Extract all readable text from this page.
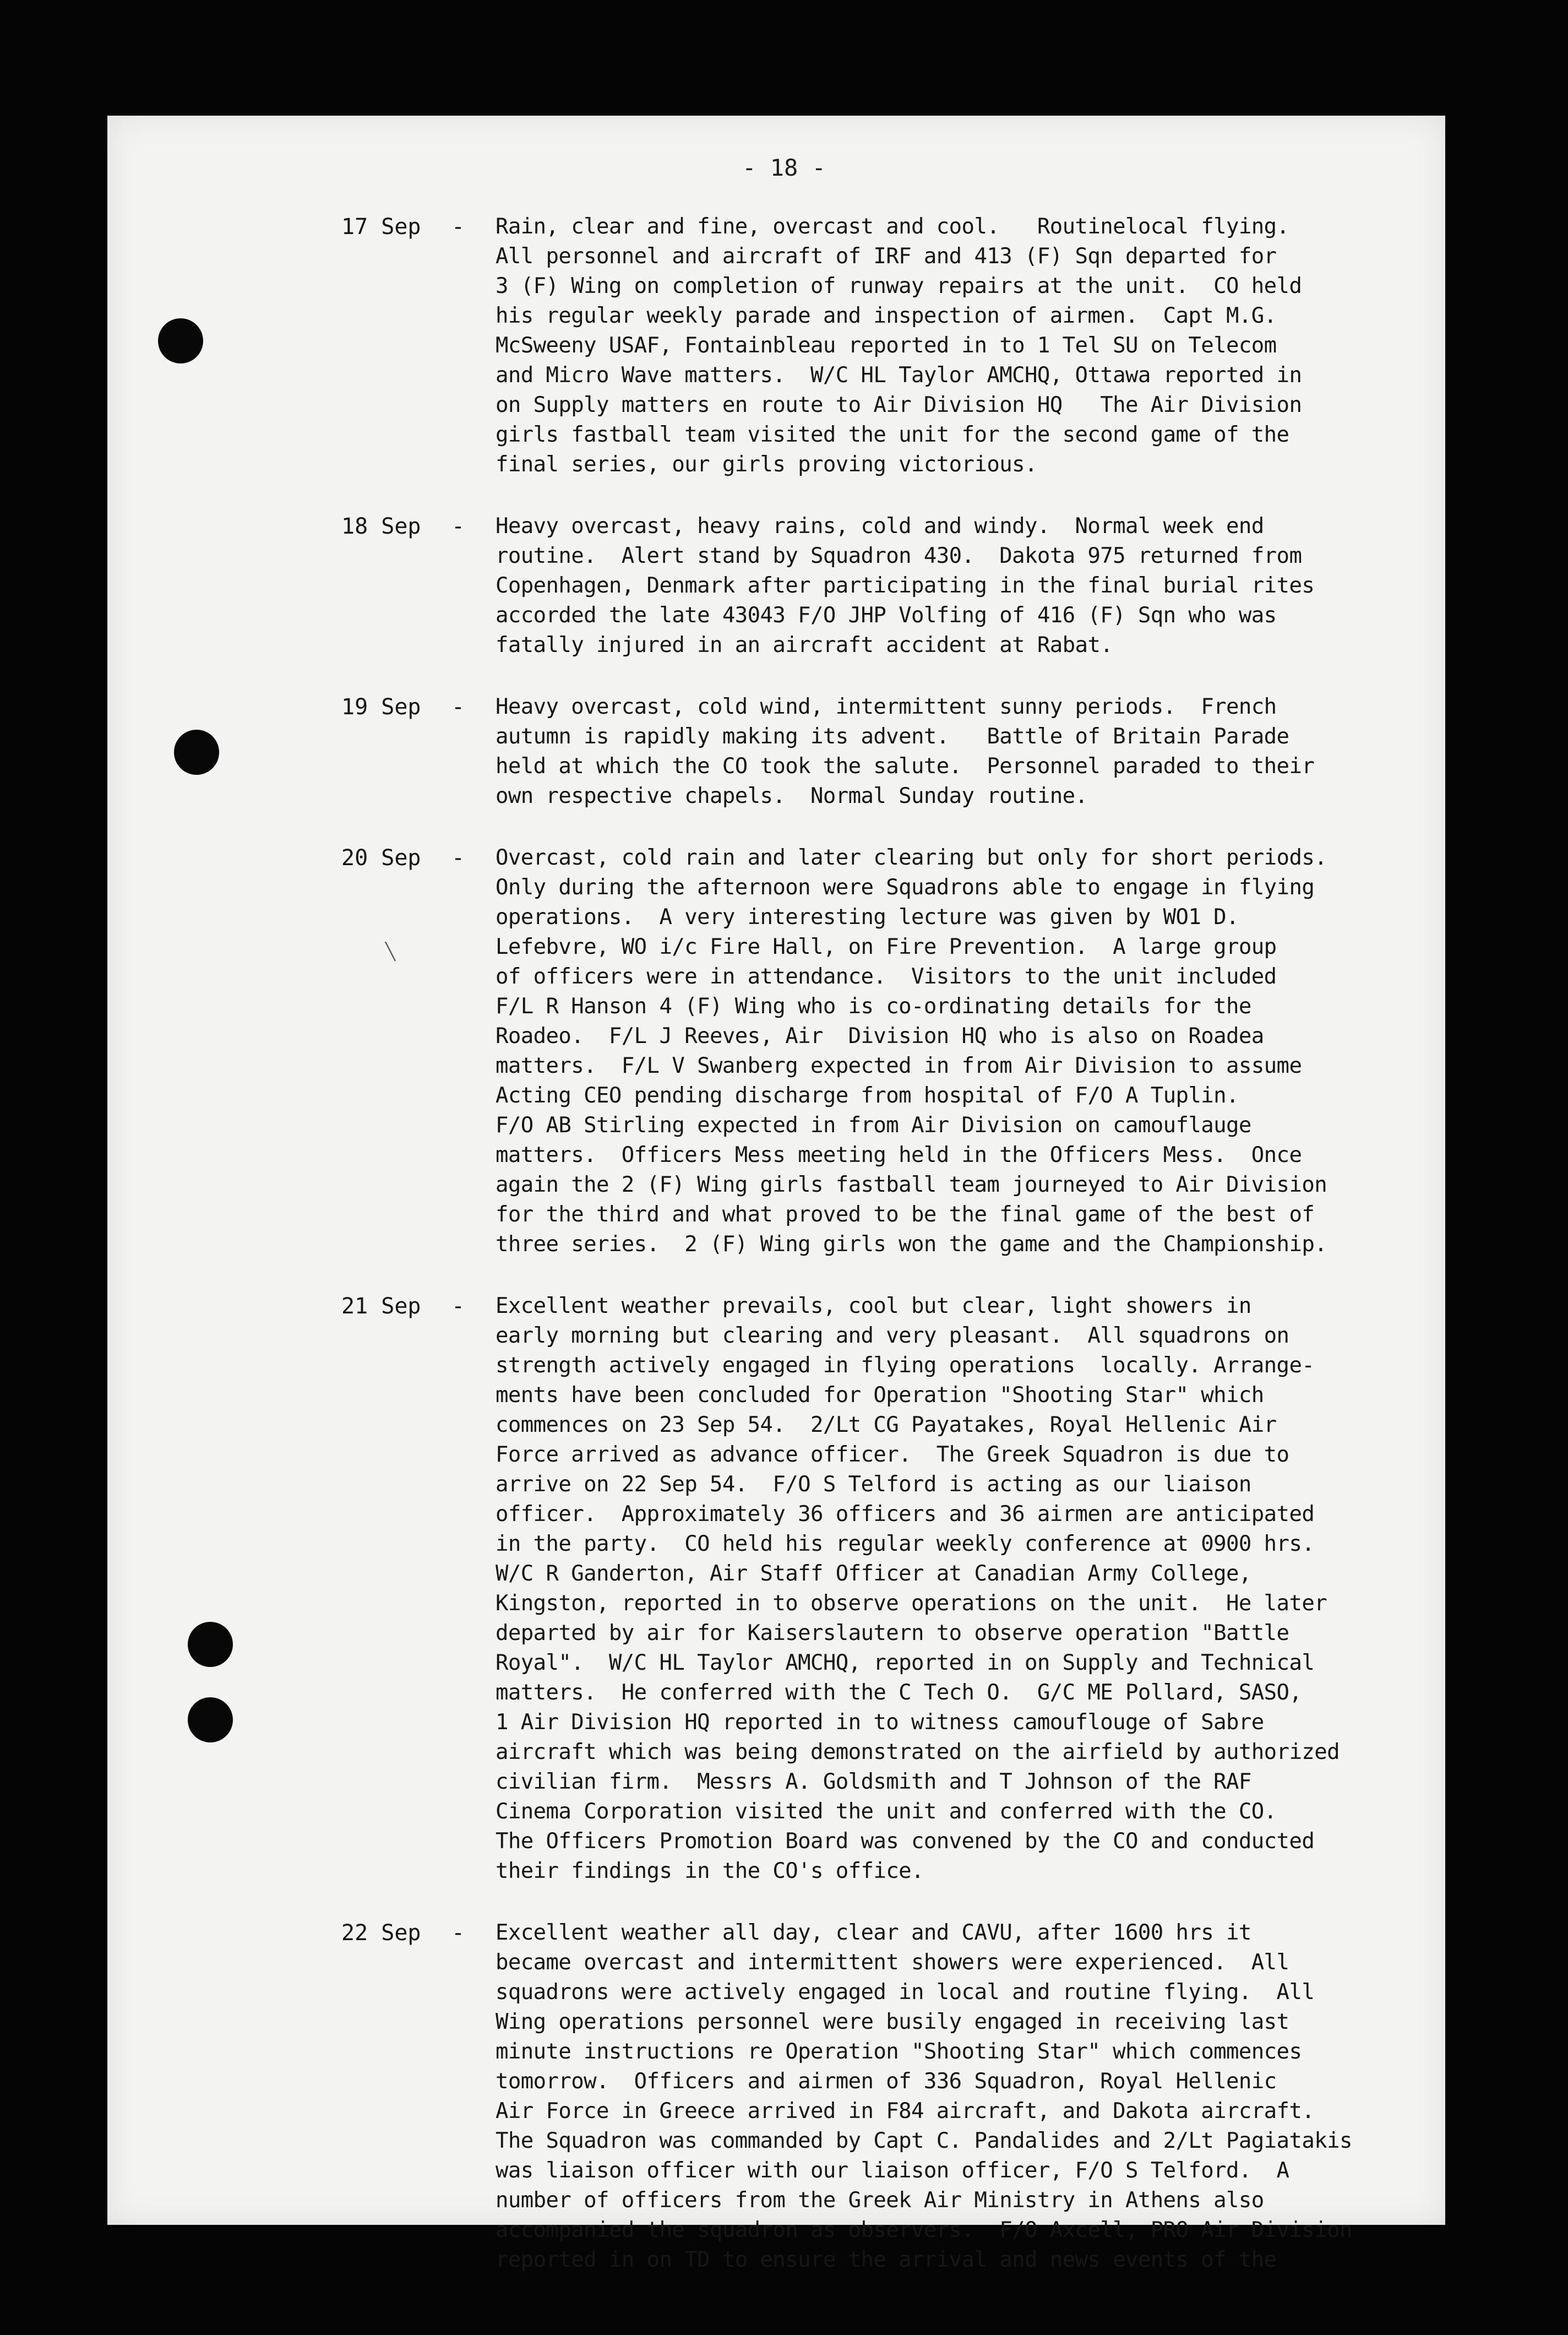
- 18 -
17 Sep	-	Rain, clear and fine, overcast and cool.   Routinelocal flying.
All personnel and aircraft of IRF and 413 (F) Sqn departed for
3 (F) Wing on completion of runway repairs at the unit.  CO held
his regular weekly parade and inspection of airmen.  Capt M.G.
McSweeny USAF, Fontainbleau reported in to 1 Tel SU on Telecom
and Micro Wave matters.  W/C HL Taylor AMCHQ, Ottawa reported in
on Supply matters en route to Air Division HQ   The Air Division
girls fastball team visited the unit for the second game of the
final series, our girls proving victorious.
18 Sep	-	Heavy overcast, heavy rains, cold and windy.  Normal week end
routine.  Alert stand by Squadron 430.  Dakota 975 returned from
Copenhagen, Denmark after participating in the final burial rites
accorded the late 43043 F/O JHP Volfing of 416 (F) Sqn who was
fatally injured in an aircraft accident at Rabat.
19 Sep	-	Heavy overcast, cold wind, intermittent sunny periods.  French
autumn is rapidly making its advent.   Battle of Britain Parade
held at which the CO took the salute.  Personnel paraded to their
own respective chapels.  Normal Sunday routine.
20 Sep	-	Overcast, cold rain and later clearing but only for short periods.
Only during the afternoon were Squadrons able to engage in flying
operations.  A very interesting lecture was given by WO1 D.
Lefebvre, WO i/c Fire Hall, on Fire Prevention.  A large group
of officers were in attendance.  Visitors to the unit included
F/L R Hanson 4 (F) Wing who is co-ordinating details for the
Roadeo.  F/L J Reeves, Air  Division HQ who is also on Roadea
matters.  F/L V Swanberg expected in from Air Division to assume
Acting CEO pending discharge from hospital of F/O A Tuplin.
F/O AB Stirling expected in from Air Division on camouflauge
matters.  Officers Mess meeting held in the Officers Mess.  Once
again the 2 (F) Wing girls fastball team journeyed to Air Division
for the third and what proved to be the final game of the best of
three series.  2 (F) Wing girls won the game and the Championship.
21 Sep	-	Excellent weather prevails, cool but clear, light showers in
early morning but clearing and very pleasant.  All squadrons on
strength actively engaged in flying operations  locally. Arrange-
ments have been concluded for Operation "Shooting Star" which
commences on 23 Sep 54.  2/Lt CG Payatakes, Royal Hellenic Air
Force arrived as advance officer.  The Greek Squadron is due to
arrive on 22 Sep 54.  F/O S Telford is acting as our liaison
officer.  Approximately 36 officers and 36 airmen are anticipated
in the party.  CO held his regular weekly conference at 0900 hrs.
W/C R Ganderton, Air Staff Officer at Canadian Army College,
Kingston, reported in to observe operations on the unit.  He later
departed by air for Kaiserslautern to observe operation "Battle
Royal".  W/C HL Taylor AMCHQ, reported in on Supply and Technical
matters.  He conferred with the C Tech O.  G/C ME Pollard, SASO,
1 Air Division HQ reported in to witness camouflouge of Sabre
aircraft which was being demonstrated on the airfield by authorized
civilian firm.  Messrs A. Goldsmith and T Johnson of the RAF
Cinema Corporation visited the unit and conferred with the CO.
The Officers Promotion Board was convened by the CO and conducted
their findings in the CO's office.
22 Sep	-	Excellent weather all day, clear and CAVU, after 1600 hrs it
became overcast and intermittent showers were experienced.  All
squadrons were actively engaged in local and routine flying.  All
Wing operations personnel were busily engaged in receiving last
minute instructions re Operation "Shooting Star" which commences
tomorrow.  Officers and airmen of 336 Squadron, Royal Hellenic
Air Force in Greece arrived in F84 aircraft, and Dakota aircraft.
The Squadron was commanded by Capt C. Pandalides and 2/Lt Pagiatakis
was liaison officer with our liaison officer, F/O S Telford.  A
number of officers from the Greek Air Ministry in Athens also
accompanied the squadron as observers.  F/O Axcell, PRO Air Division
reported in on TD to ensure the arrival and news events of the
╲
